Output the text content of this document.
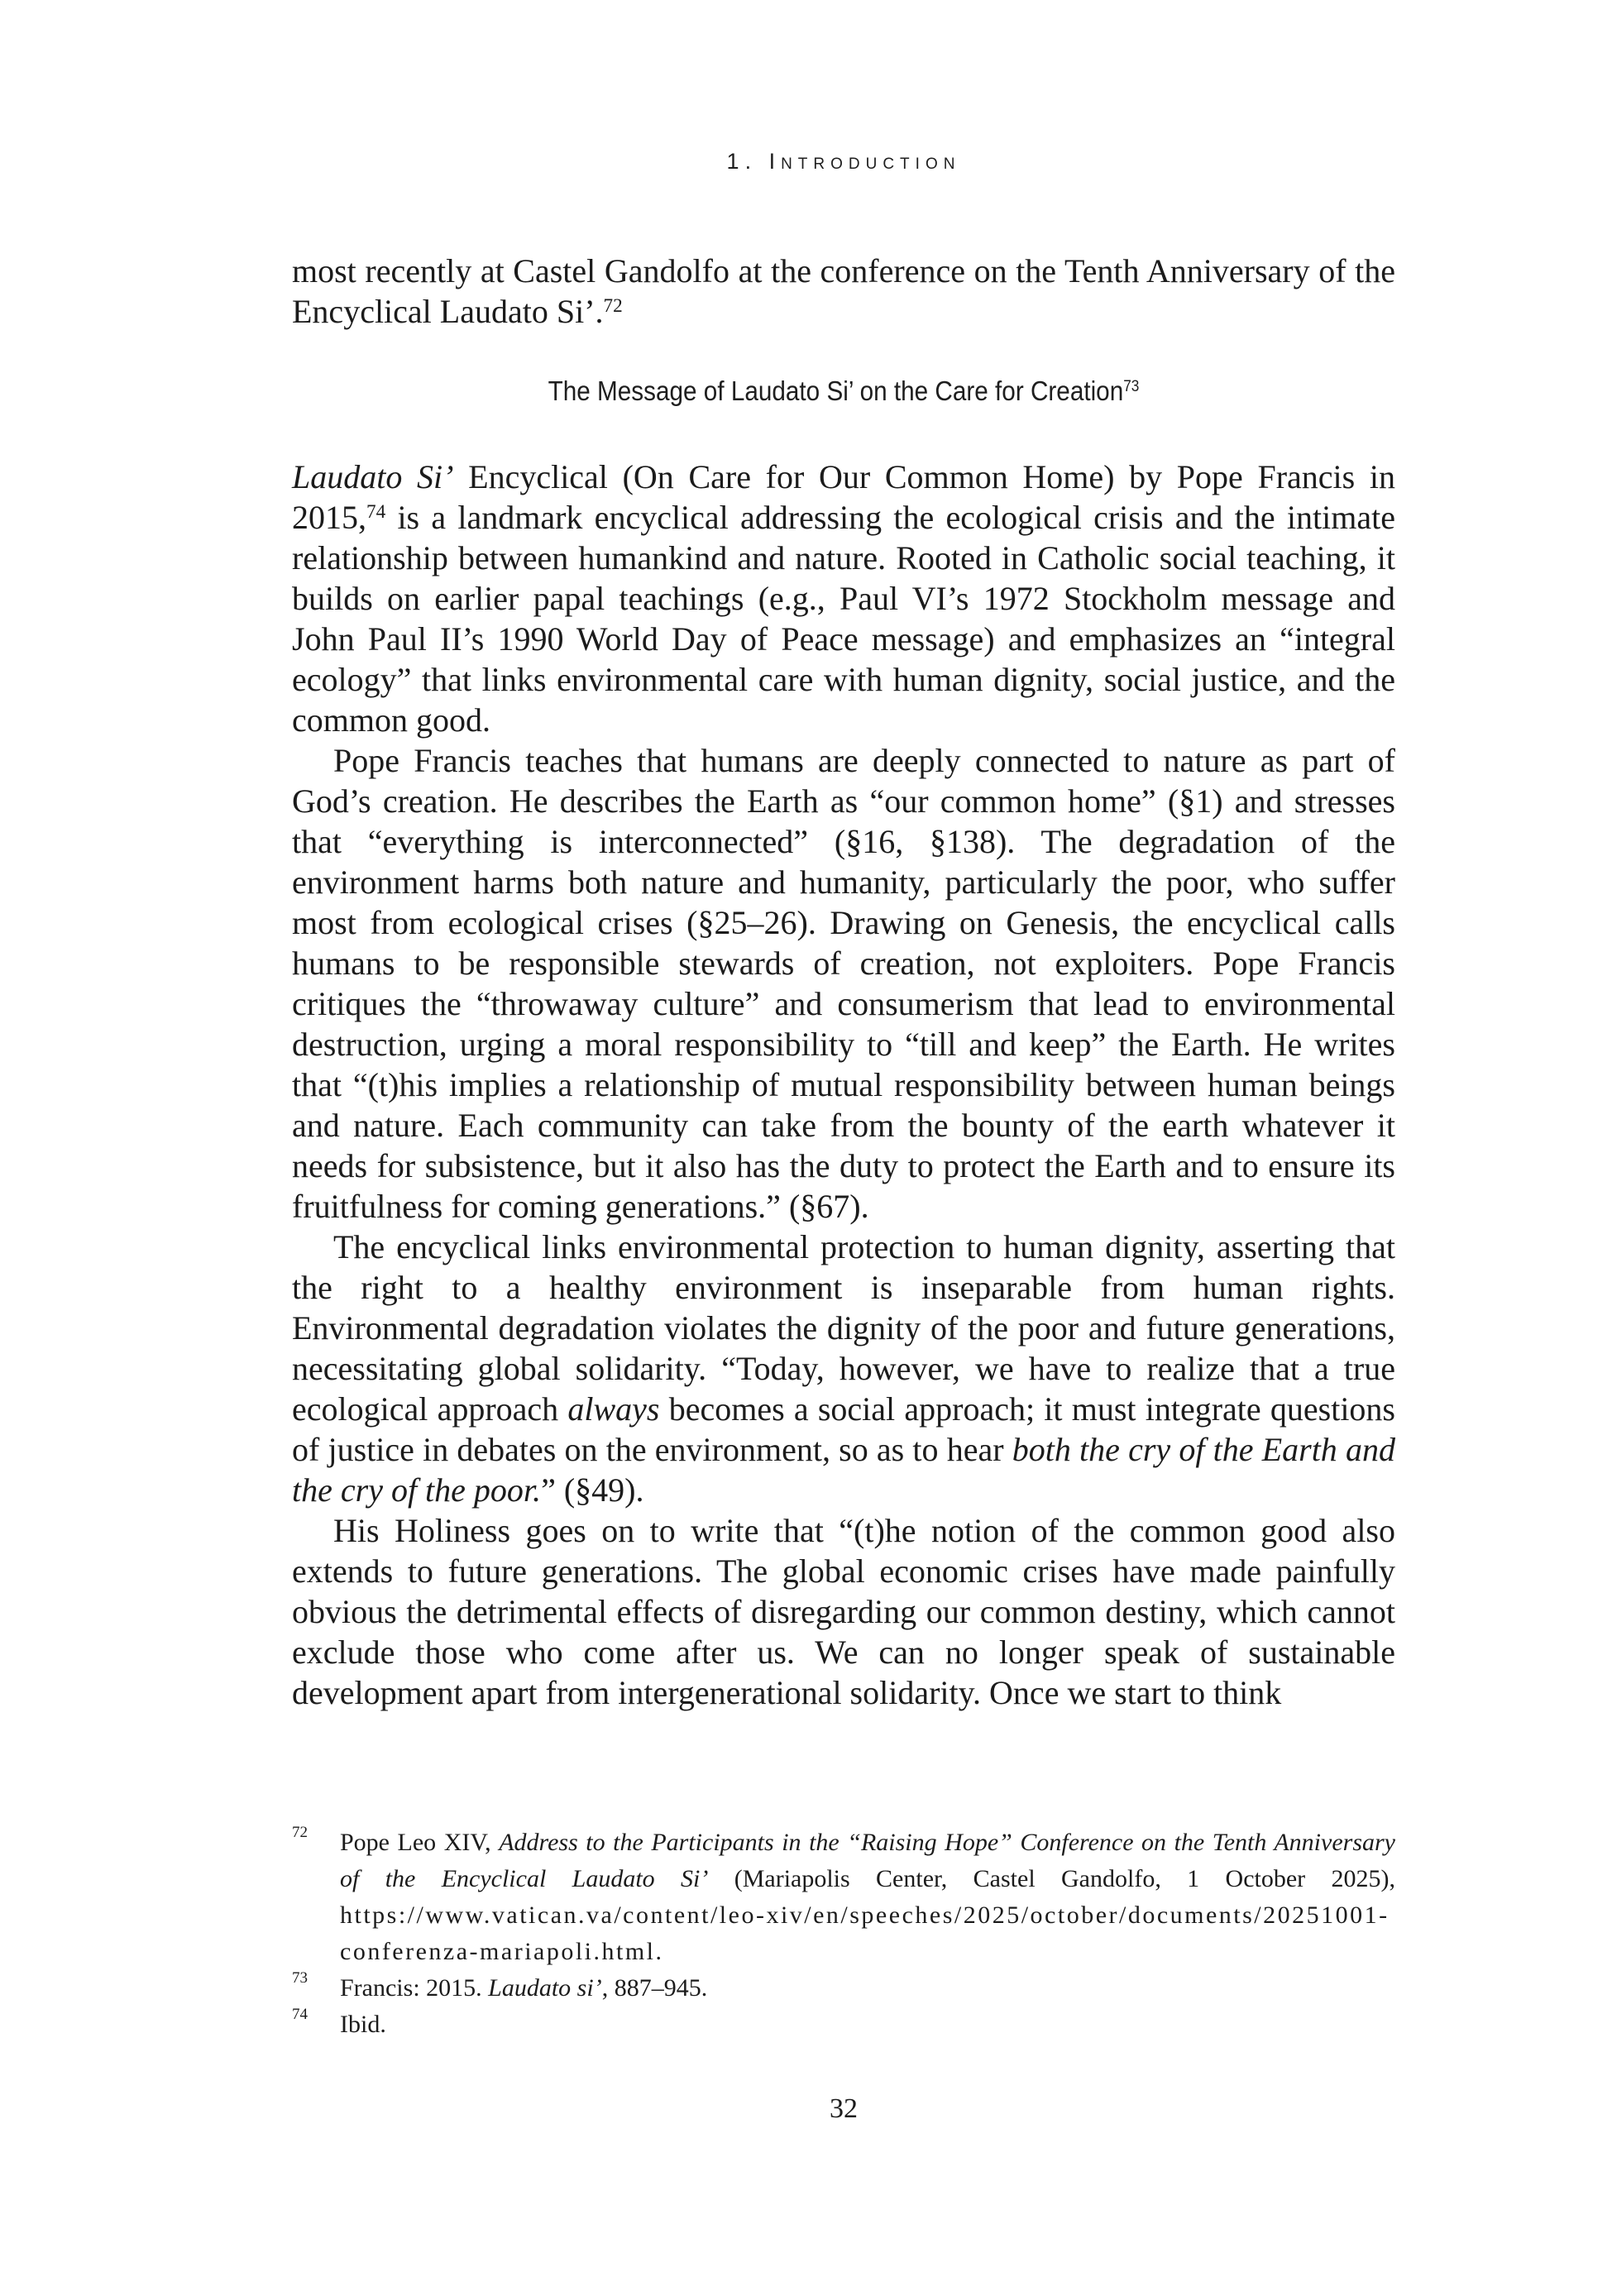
1. Introduction

most recently at Castel Gandolfo at the conference on the Tenth Anniversary of the Encyclical Laudato Si’.$^{72}$

The Message of Laudato Si’ on the Care for Creation$^{73}$

Laudato Si’ Encyclical (On Care for Our Common Home) by Pope Francis in 2015,74 is a landmark encyclical addressing the ecological crisis and the intimate relationship between humankind and nature. Rooted in Catholic social teaching, it builds on earlier papal teachings (e.g., Paul VI’s 1972 Stockholm message and John Paul II’s 1990 World Day of Peace message) and emphasizes an “integral ecology” that links environmental care with human dignity, social justice, and the common good.

Pope Francis teaches that humans are deeply connected to nature as part of God’s creation. He describes the Earth as “our common home” (§1) and stresses that “everything is interconnected” (§16, §138). The degradation of the environment harms both nature and humanity, particularly the poor, who suffer most from ecological crises (§25–26). Drawing on Genesis, the encyclical calls humans to be responsible stewards of creation, not exploiters. Pope Francis critiques the “throwaway culture” and consumerism that lead to environmental destruction, urging a moral responsibility to “till and keep” the Earth. He writes that “(t)his implies a relationship of mutual responsibility between human beings and nature. Each community can take from the bounty of the earth whatever it needs for subsistence, but it also has the duty to protect the Earth and to ensure its fruitfulness for coming generations.” (§67).

The encyclical links environmental protection to human dignity, asserting that the right to a healthy environment is inseparable from human rights. Environmental degradation violates the dignity of the poor and future generations, necessitating global solidarity. “Today, however, we have to realize that a true ecological approach always becomes a social approach; it must integrate questions of justice in debates on the environment, so as to hear both the cry of the Earth and the cry of the poor.” (§49).

His Holiness goes on to write that “(t)he notion of the common good also extends to future generations. The global economic crises have made painfully obvious the detrimental effects of disregarding our common destiny, which cannot exclude those who come after us. We can no longer speak of sustainable development apart from intergenerational solidarity. Once we start to think

72 Pope Leo XIV, Address to the Participants in the “Raising Hope” Conference on the Tenth Anniversary of the Encyclical Laudato Si’ (Mariapolis Center, Castel Gandolfo, 1 October 2025), https://www.vatican.va/content/leo-xiv/en/speeches/2025/october/documents/20251001-conferenza-mariapoli.html.
73 Francis: 2015. Laudato si’, 887–945.
74 Ibid.
32
